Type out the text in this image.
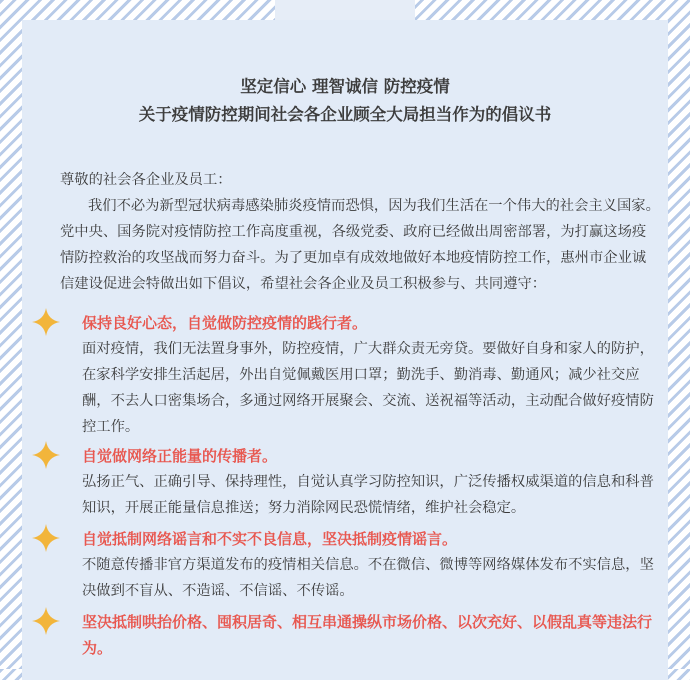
坚定信心 理智诚信 防控疫情
关于疫情防控期间社会各企业顾全大局担当作为的倡议书

尊敬的社会各企业及员工：

我们不必为新型冠状病毒感染肺炎疫情而恐惧，因为我们生活在一个伟大的社会主义国家。党中央、国务院对疫情防控工作高度重视，各级党委、政府已经做出周密部署，为打赢这场疫情防控救治的攻坚战而努力奋斗。为了更加卓有成效地做好本地疫情防控工作，惠州市企业诚信建设促进会特做出如下倡议，希望社会各企业及员工积极参与、共同遵守：

保持良好心态，自觉做防控疫情的践行者。

面对疫情，我们无法置身事外，防控疫情，广大群众责无旁贷。要做好自身和家人的防护，在家科学安排生活起居，外出自觉佩戴医用口罩；勤洗手、勤消毒、勤通风；减少社交应酬，不去人口密集场合，多通过网络开展聚会、交流、送祝福等活动，主动配合做好疫情防控工作。

自觉做网络正能量的传播者。

弘扬正气、正确引导、保持理性，自觉认真学习防控知识，广泛传播权威渠道的信息和科普知识，开展正能量信息推送；努力消除网民恐慌情绪，维护社会稳定。

自觉抵制网络谣言和不实不良信息，坚决抵制疫情谣言。

不随意传播非官方渠道发布的疫情相关信息。不在微信、微博等网络媒体发布不实信息，坚决做到不盲从、不造谣、不信谣、不传谣。

坚决抵制哄抬价格、囤积居奇、相互串通操纵市场价格、以次充好、以假乱真等违法行为。
